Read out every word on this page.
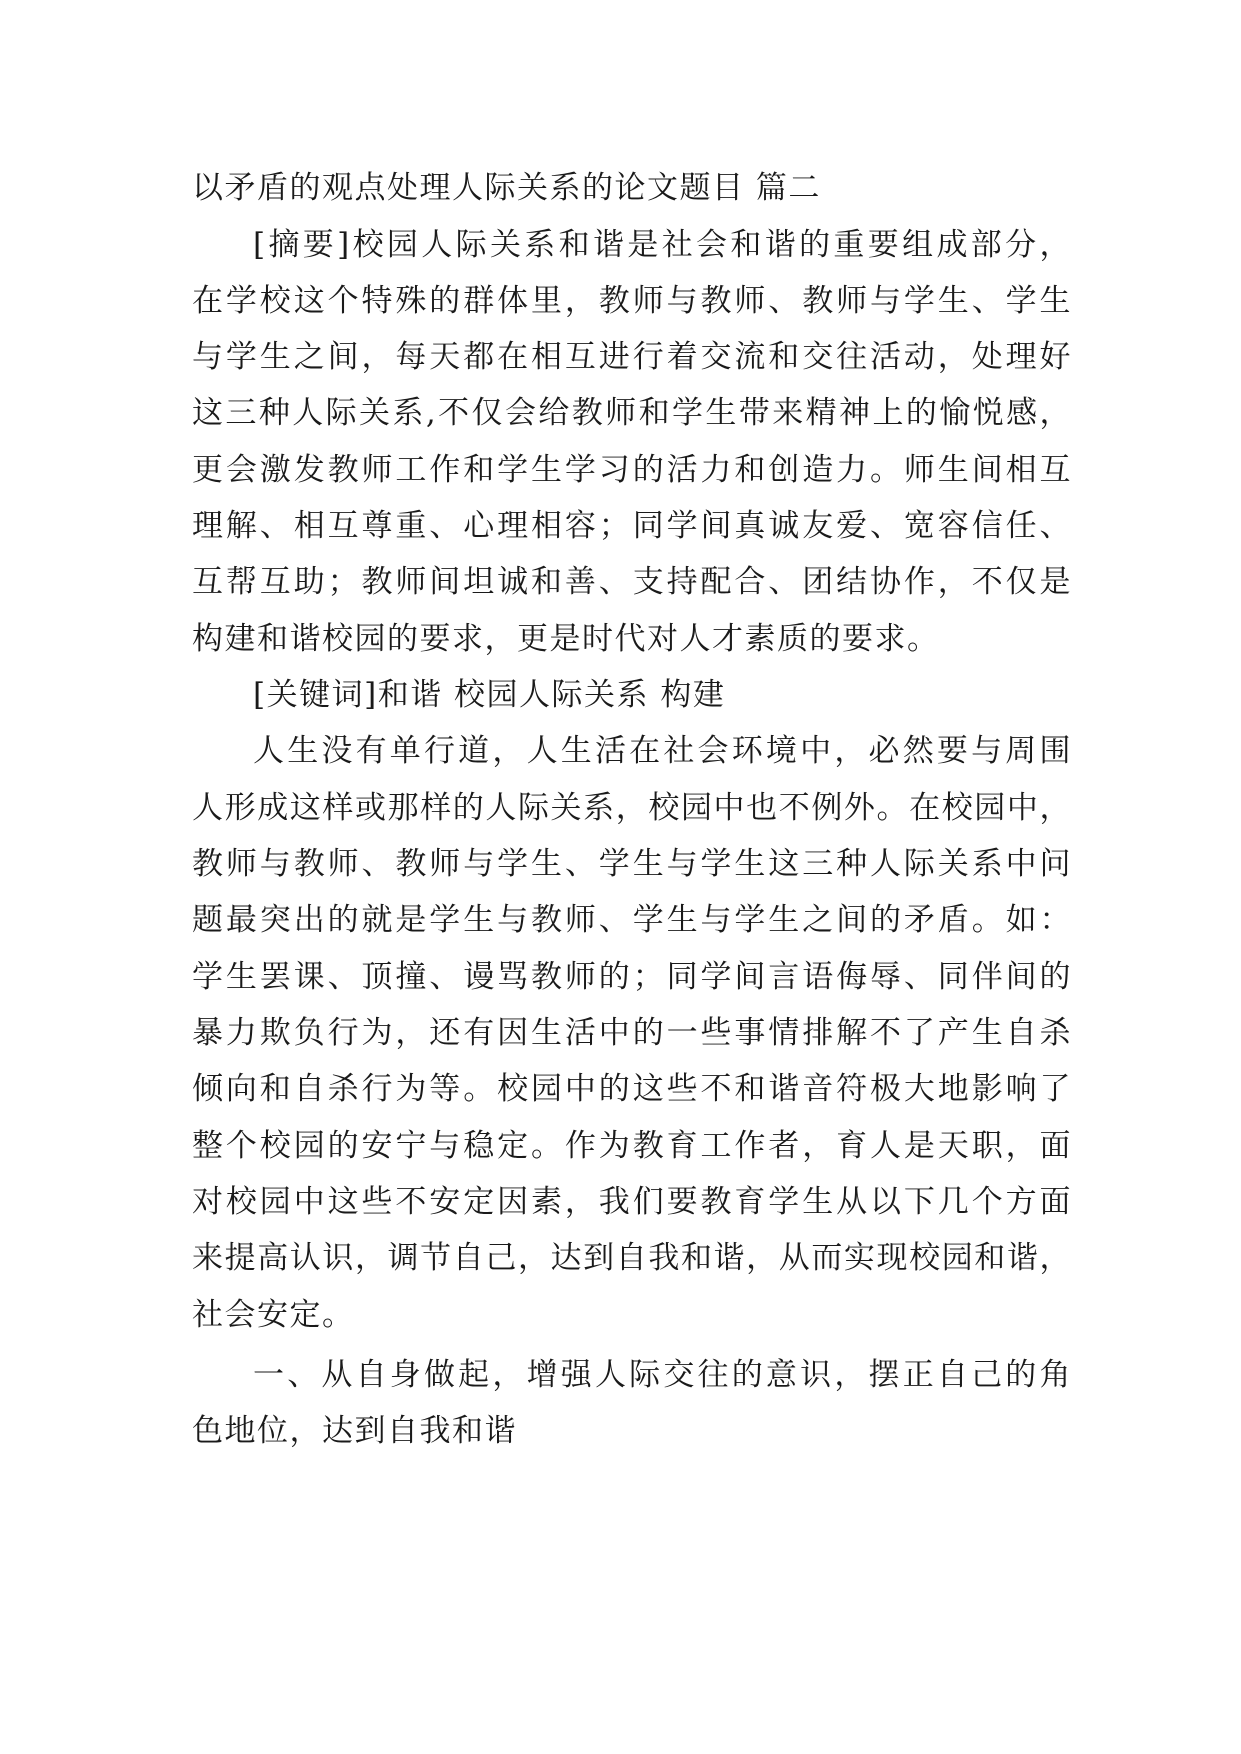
以矛盾的观点处理人际关系的论文题目 篇二
[摘要]校园人际关系和谐是社会和谐的重要组成部分，
在学校这个特殊的群体里，教师与教师、教师与学生、学生
与学生之间，每天都在相互进行着交流和交往活动，处理好
这三种人际关系,不仅会给教师和学生带来精神上的愉悦感，
更会激发教师工作和学生学习的活力和创造力。师生间相互
理解、相互尊重、心理相容；同学间真诚友爱、宽容信任、
互帮互助；教师间坦诚和善、支持配合、团结协作，不仅是
构建和谐校园的要求，更是时代对人才素质的要求。
[关键词]和谐 校园人际关系 构建
人生没有单行道，人生活在社会环境中，必然要与周围
人形成这样或那样的人际关系，校园中也不例外。在校园中，
教师与教师、教师与学生、学生与学生这三种人际关系中问
题最突出的就是学生与教师、学生与学生之间的矛盾。如：
学生罢课、顶撞、谩骂教师的；同学间言语侮辱、同伴间的
暴力欺负行为，还有因生活中的一些事情排解不了产生自杀
倾向和自杀行为等。校园中的这些不和谐音符极大地影响了
整个校园的安宁与稳定。作为教育工作者，育人是天职，面
对校园中这些不安定因素，我们要教育学生从以下几个方面
来提高认识，调节自己，达到自我和谐，从而实现校园和谐，
社会安定。
一、从自身做起，增强人际交往的意识，摆正自己的角
色地位，达到自我和谐
